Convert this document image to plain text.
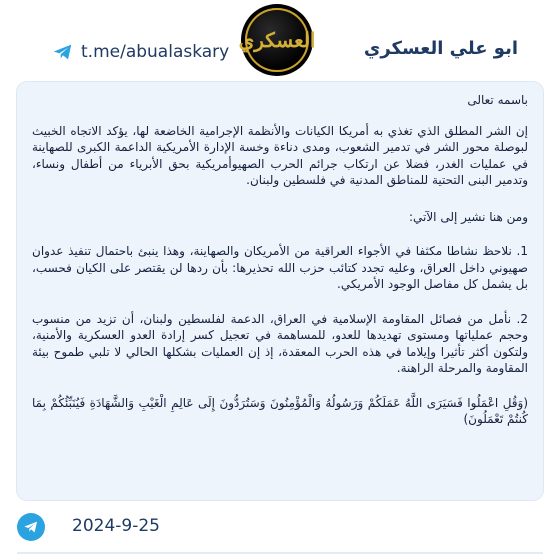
t.me/abualaskary العسكري	ابو علي العسكري

باسمه تعالى

إن الشر المطلق الذي تغذي به أمريكا الكيانات والأنظمة الإجرامية الخاضعة لها، يؤكد الاتجاه الخبيث لبوصلة محور الشر في تدمير الشعوب، ومدى دناءة وخسة الإدارة الأمريكية الداعمة الكبرى للصهاينة في عمليات الغدر، فضلا عن ارتكاب جرائم الحرب الصهيوأمريكية بحق الأبرياء من أطفال ونساء، وتدمير البنى التحتية للمناطق المدنية في فلسطين ولبنان.

ومن هنا نشير إلى الآتي:

1. نلاحظ نشاطا مكثفا في الأجواء العراقية من الأمريكان والصهاينة، وهذا ينبئ باحتمال تنفيذ عدوان صهيوني داخل العراق، وعليه تجدد كتائب حزب الله تحذيرها: بأن ردها لن يقتصر على الكيان فحسب، بل يشمل كل مفاصل الوجود الأمريكي.

2. نأمل من فصائل المقاومة الإسلامية في العراق، الدعمة لفلسطين ولبنان، أن تزيد من منسوب وحجم عملياتها ومستوى تهديدها للعدو، للمساهمة في تعجيل كسر إرادة العدو العسكرية والأمنية، ولتكون أكثر تأثيرا وإيلاما في هذه الحرب المعقدة، إذ إن العمليات بشكلها الحالي لا تلبي طموح بيئة المقاومة والمرحلة الراهنة.

(وَقُلِ اعْمَلُوا فَسَيَرَى اللَّهُ عَمَلَكُمْ وَرَسُولُهُ وَالْمُؤْمِنُونَ وَسَتُرَدُّونَ إِلَى عَالِمِ الْغَيْبِ وَالشَّهَادَةِ فَيُنَبِّئُكُمْ بِمَا كُنتُمْ تَعْمَلُونَ)

2024-9-25
